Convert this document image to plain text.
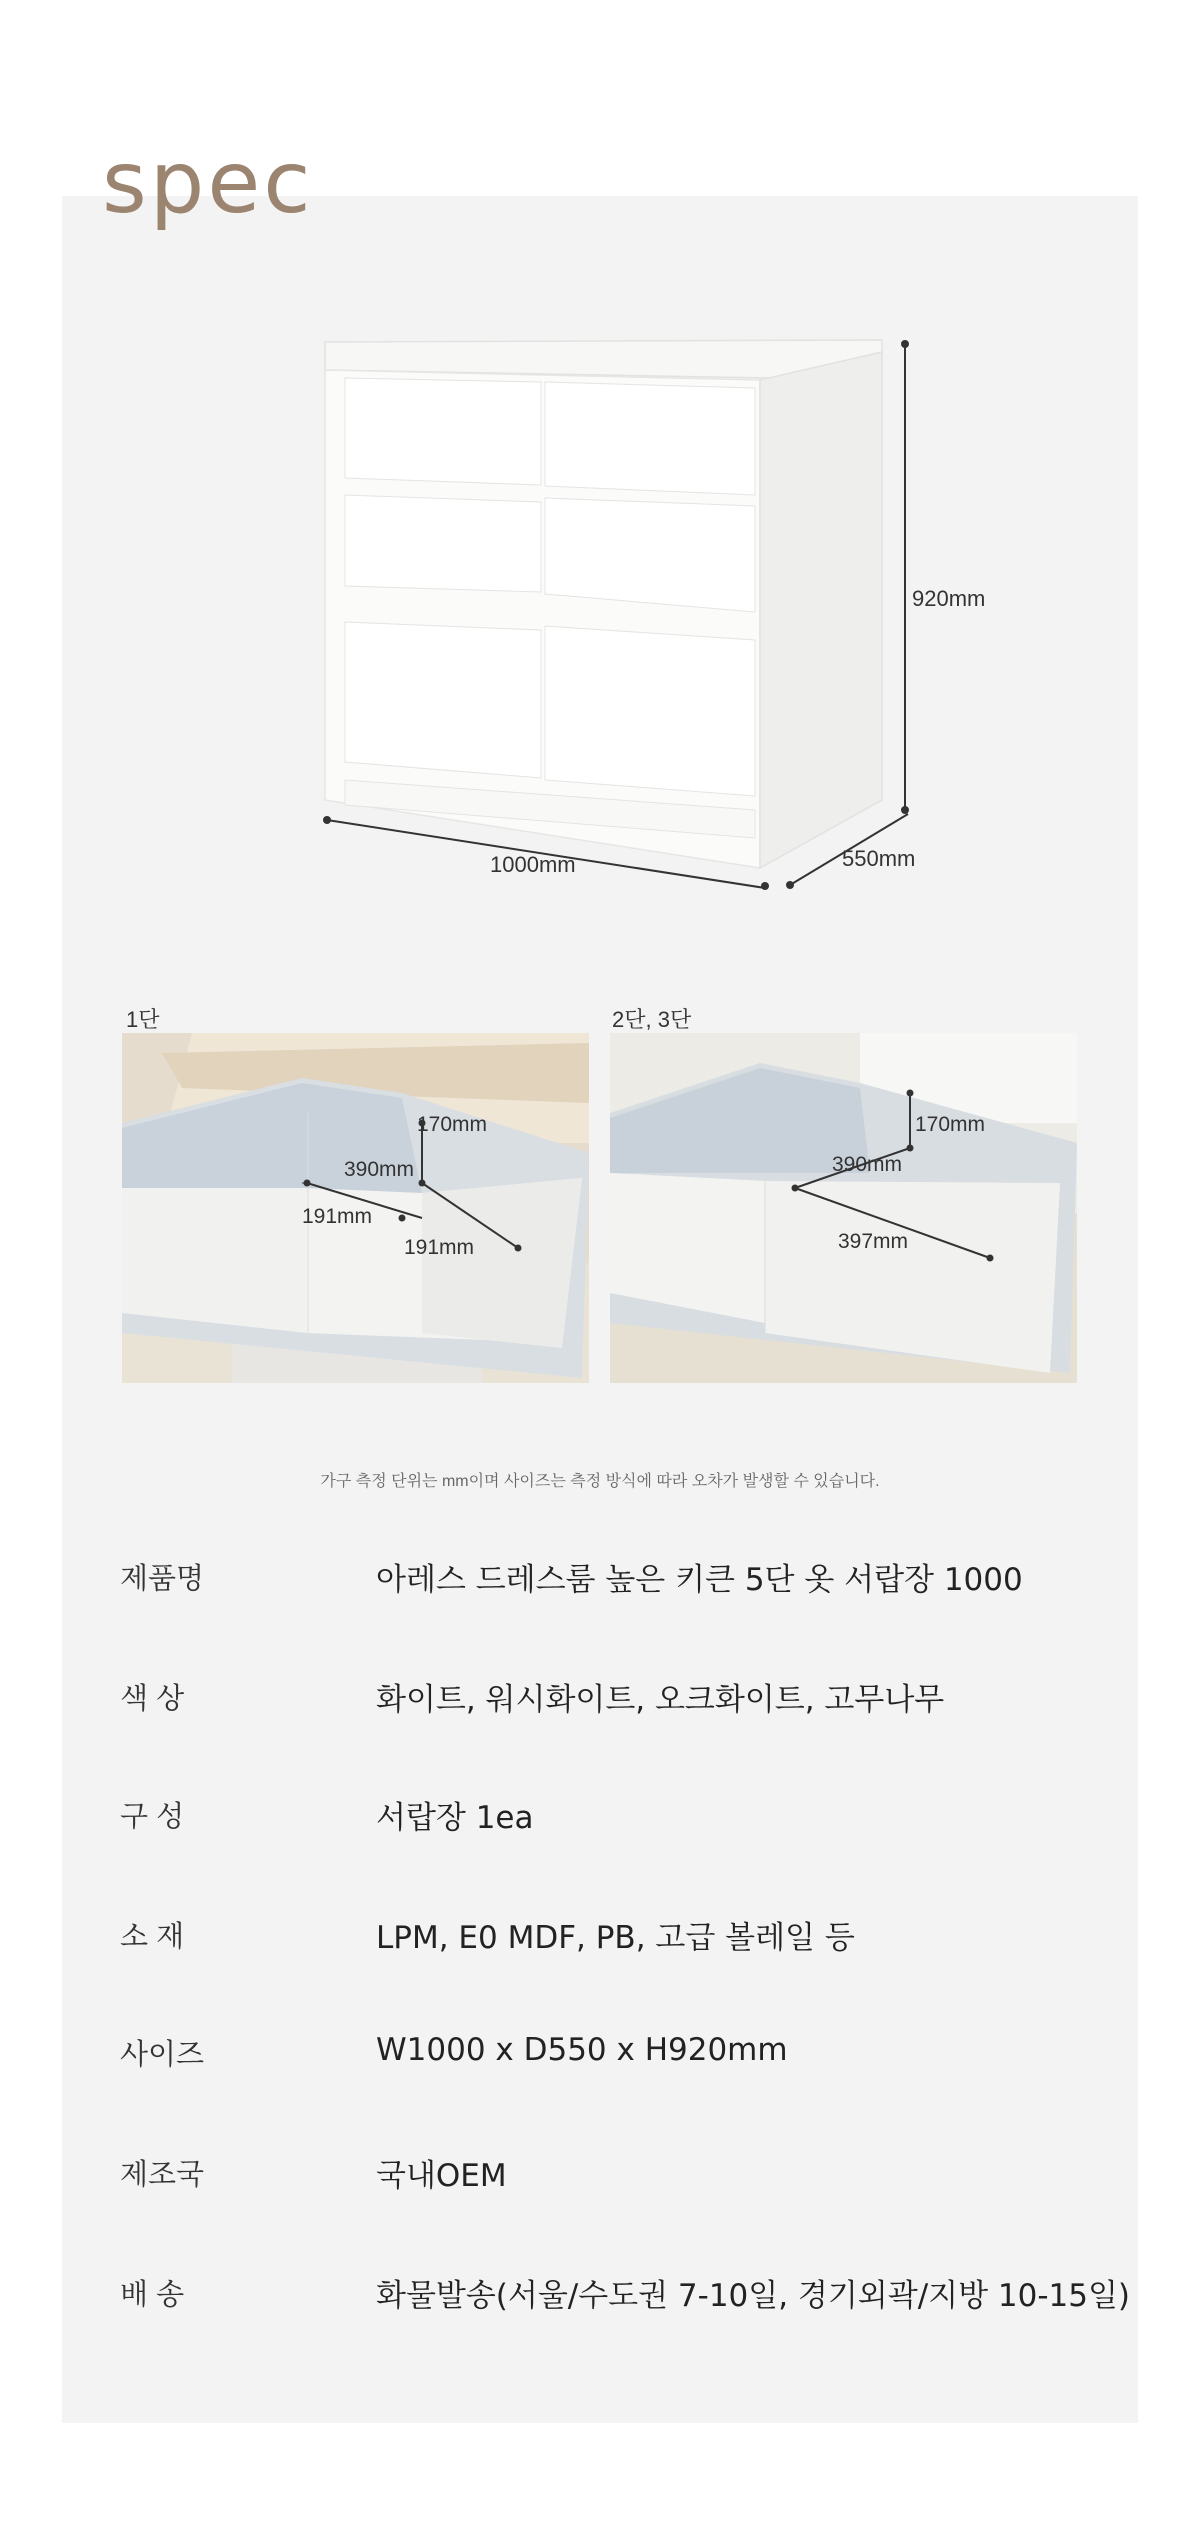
spec
920mm
1000mm	550mm
1단	2단, 3단
170mm
390mm
191mm
191mm
170mm
390mm
397mm
가구 측정 단위는 mm이며 사이즈는 측정 방식에 따라 오차가 발생할 수 있습니다.
제품명	아레스 드레스룸 높은 키큰 5단 옷 서랍장 1000
색 상	화이트, 워시화이트, 오크화이트, 고무나무
구 성	서랍장 1ea
소 재	LPM, E0 MDF, PB, 고급 볼레일 등
사이즈	W1000 x D550 x H920mm
제조국	국내OEM
배 송	화물발송(서울/수도권 7-10일, 경기외곽/지방 10-15일)
